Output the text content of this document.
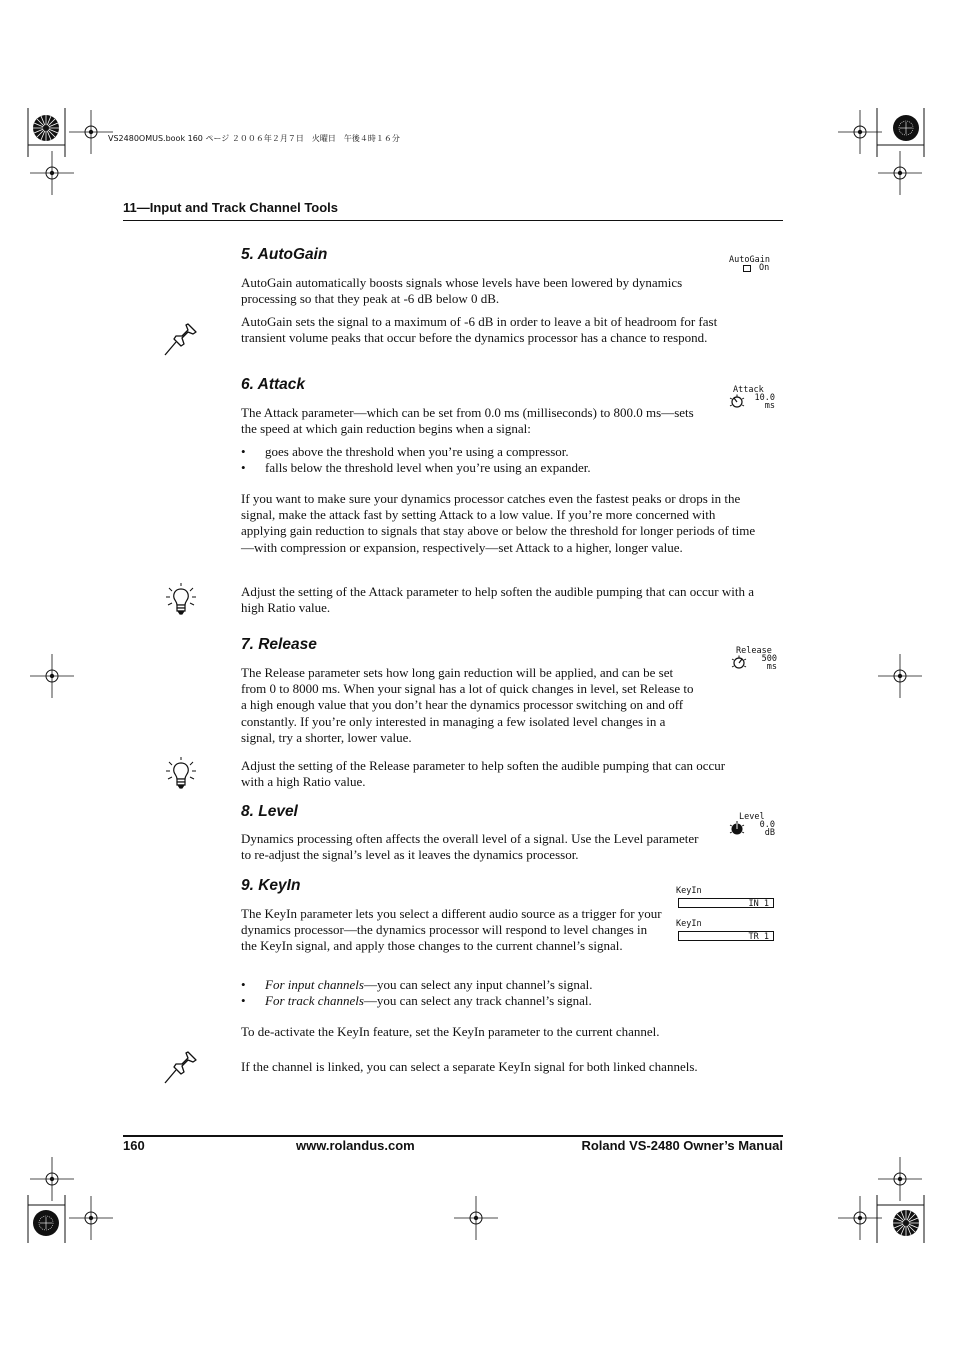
VS2480OMUS.book 160 ページ ２００６年２月７日　火曜日　午後４時１６分
11—Input and Track Channel Tools
5. AutoGain	AutoGain
On
AutoGain automatically boosts signals whose levels have been lowered by dynamics processing so that they peak at -6 dB below 0 dB.
AutoGain sets the signal to a maximum of -6 dB in order to leave a bit of headroom for fast transient volume peaks that occur before the dynamics processor has a chance to respond.
6. Attack	Attack
10.0
ms
The Attack parameter—which can be set from 0.0 ms (milliseconds) to 800.0 ms—sets the speed at which gain reduction begins when a signal:
• goes above the threshold when you’re using a compressor.
• falls below the threshold level when you’re using an expander.
If you want to make sure your dynamics processor catches even the fastest peaks or drops in the signal, make the attack fast by setting Attack to a low value. If you’re more concerned with applying gain reduction to signals that stay above or below the threshold for longer periods of time—with compression or expansion, respectively—set Attack to a higher, longer value.
Adjust the setting of the Attack parameter to help soften the audible pumping that can occur with a high Ratio value.
7. Release	Release
500
ms
The Release parameter sets how long gain reduction will be applied, and can be set from 0 to 8000 ms. When your signal has a lot of quick changes in level, set Release to a high enough value that you don’t hear the dynamics processor switching on and off constantly. If you’re only interested in managing a few isolated level changes in a signal, try a shorter, lower value.
Adjust the setting of the Release parameter to help soften the audible pumping that can occur with a high Ratio value.
8. Level	Level
0.0
dB
Dynamics processing often affects the overall level of a signal. Use the Level parameter to re-adjust the signal’s level as it leaves the dynamics processor.
9. KeyIn	KeyIn
IN 1
KeyIn
TR 1
The KeyIn parameter lets you select a different audio source as a trigger for your dynamics processor—the dynamics processor will respond to level changes in the KeyIn signal, and apply those changes to the current channel’s signal.
• For input channels—you can select any input channel’s signal.
• For track channels—you can select any track channel’s signal.
To de-activate the KeyIn feature, set the KeyIn parameter to the current channel.
If the channel is linked, you can select a separate KeyIn signal for both linked channels.
160	www.rolandus.com	Roland VS-2480 Owner’s Manual
